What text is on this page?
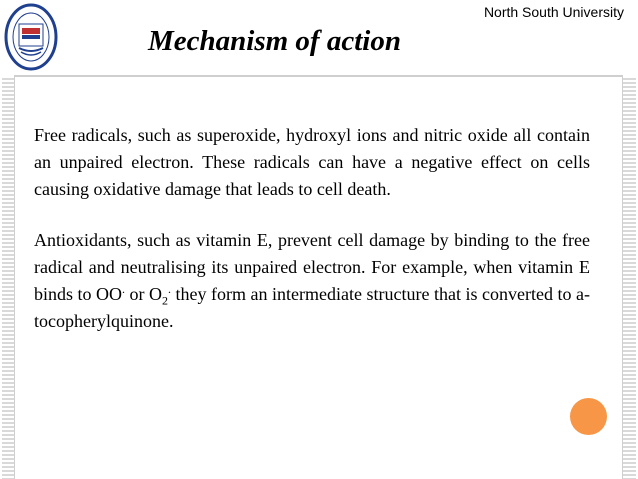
North South University
Mechanism of action

Free radicals, such as superoxide, hydroxyl ions and nitric oxide all contain an unpaired electron. These radicals can have a negative effect on cells causing oxidative damage that leads to cell death.

Antioxidants, such as vitamin E, prevent cell damage by binding to the free radical and neutralising its unpaired electron. For example, when vitamin E binds to OO. or $O_2^.$ they form an intermediate structure that is converted to a-tocopherylquinone.
